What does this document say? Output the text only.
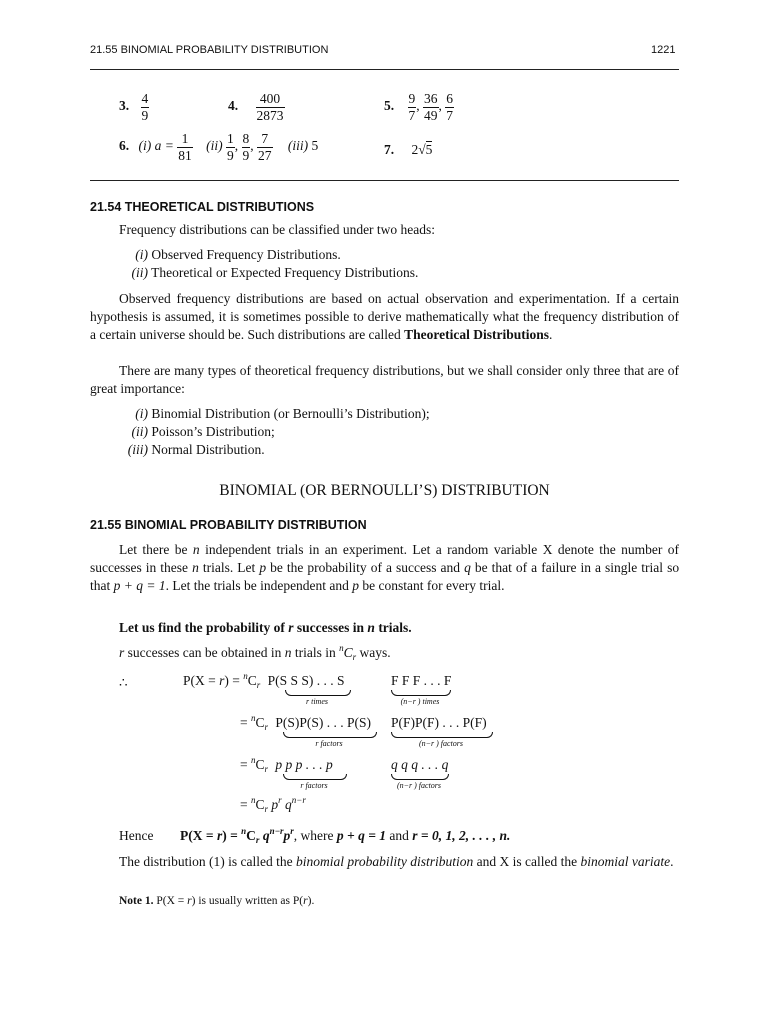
21.55 BINOMIAL PROBABILITY DISTRIBUTION	1221
3. $\frac{4}{9}$	4. $\frac{400}{2873}$	5. $\frac{9}{7}$ , $\frac{36}{49}$ , $\frac{6}{7}$
6. (i) $a = \frac{1}{81} (ii) \frac{1}{9}$ , $\frac{8}{9}$ , $\frac{7}{27} (iii)$ 5	7. 2√5
21.54 THEORETICAL DISTRIBUTIONS
Frequency distributions can be classified under two heads:
(i) Observed Frequency Distributions.
(ii) Theoretical or Expected Frequency Distributions.
Observed frequency distributions are based on actual observation and experimentation. If a certain hypothesis is assumed, it is sometimes possible to derive mathematically what the frequency distribution of a certain universe should be. Such distributions are called Theoretical Distributions.
There are many types of theoretical frequency distributions, but we shall consider only three that are of great importance:
(i) Binomial Distribution (or Bernoulli’s Distribution);
(ii) Poisson’s Distribution;
(iii) Normal Distribution.
BINOMIAL (OR BERNOULLI’S) DISTRIBUTION
21.55 BINOMIAL PROBABILITY DISTRIBUTION
Let there be n independent trials in an experiment. Let a random variable X denote the number of successes in these n trials. Let p be the probability of a success and q be that of a failure in a single trial so that p + q = 1. Let the trials be independent and p be constant for every trial.
Let us find the probability of r successes in n trials.
r successes can be obtained in n trials in $^nC_r$ ways.
∴	$P(X = r) = ^nC_r$ P(S S S) . . . S	F F F . . . F
r times	(n−r ) times
= $^nC_r$ P(S)P(S) . . . P(S) P(F)P(F) . . . P(F)
r factors	(n−r ) factors
= $^nC_r$ p p p . . . p	q q q . . . q
r factors	(n−r ) factors
= $^nC_r$ $p^r$ $q^{n-r}$
Hence $P(X = r) = ^nC_r$ $q^{n-r}p^r$, where p + q = 1 and r = 0, 1, 2, . . . , n.
The distribution (1) is called the binomial probability distribution and X is called the binomial variate.
Note 1. P(X = r) is usually written as P(r).
